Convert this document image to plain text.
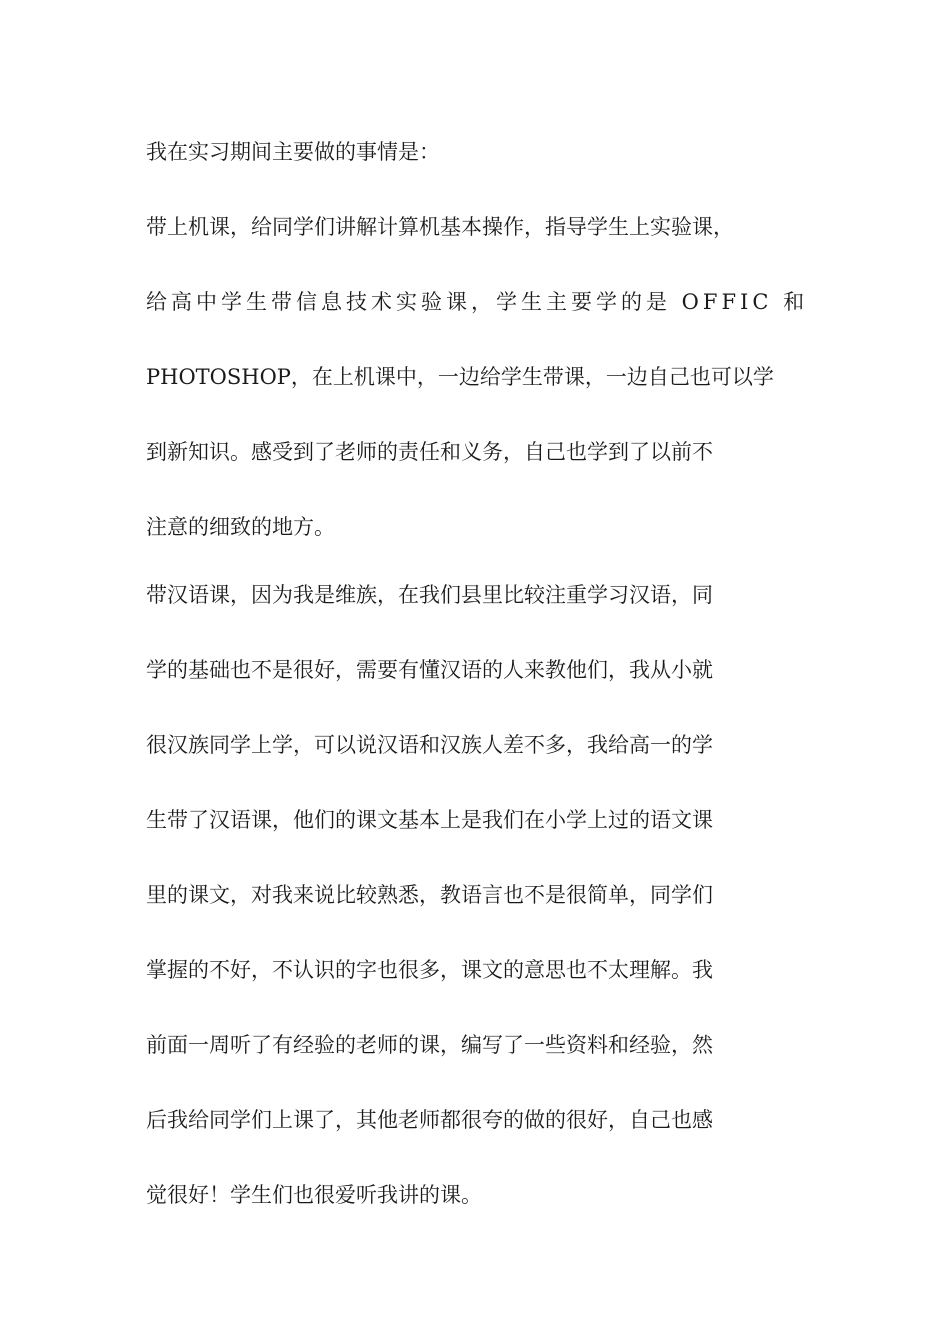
我在实习期间主要做的事情是：
带上机课，给同学们讲解计算机基本操作，指导学生上实验课，
给高中学生带信息技术实验课，学生主要学的是 OFFIC 和
PHOTOSHOP，在上机课中，一边给学生带课，一边自己也可以学
到新知识。感受到了老师的责任和义务，自己也学到了以前不
注意的细致的地方。
带汉语课，因为我是维族，在我们县里比较注重学习汉语，同
学的基础也不是很好，需要有懂汉语的人来教他们，我从小就
很汉族同学上学，可以说汉语和汉族人差不多，我给高一的学
生带了汉语课，他们的课文基本上是我们在小学上过的语文课
里的课文，对我来说比较熟悉，教语言也不是很简单，同学们
掌握的不好，不认识的字也很多，课文的意思也不太理解。我
前面一周听了有经验的老师的课，编写了一些资料和经验，然
后我给同学们上课了，其他老师都很夸的做的很好，自己也感
觉很好！学生们也很爱听我讲的课。
